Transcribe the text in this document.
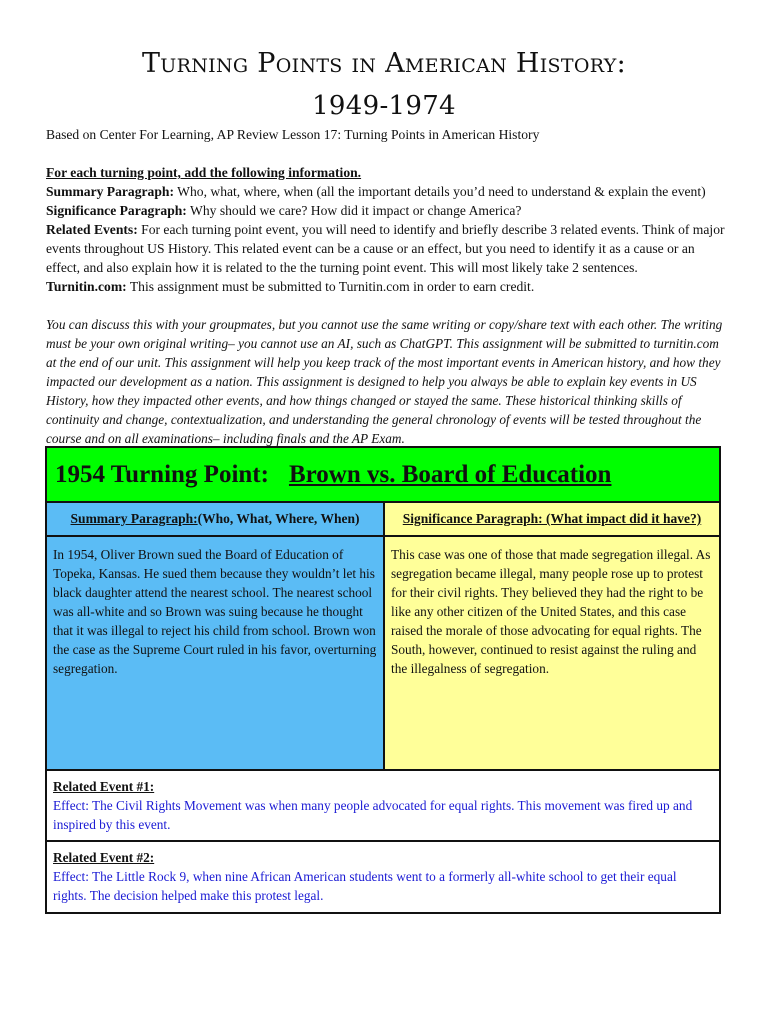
Turning Points in American History:
1949-1974
Based on Center For Learning, AP Review Lesson 17: Turning Points in American History
For each turning point, add the following information.
Summary Paragraph: Who, what, where, when (all the important details you’d need to understand & explain the event)
Significance Paragraph: Why should we care? How did it impact or change America?
Related Events: For each turning point event, you will need to identify and briefly describe 3 related events. Think of major events throughout US History. This related event can be a cause or an effect, but you need to identify it as a cause or an effect, and also explain how it is related to the the turning point event. This will most likely take 2 sentences.
Turnitin.com: This assignment must be submitted to Turnitin.com in order to earn credit.
You can discuss this with your groupmates, but you cannot use the same writing or copy/share text with each other. The writing must be your own original writing– you cannot use an AI, such as ChatGPT. This assignment will be submitted to turnitin.com at the end of our unit. This assignment will help you keep track of the most important events in American history, and how they impacted our development as a nation. This assignment is designed to help you always be able to explain key events in US History, how they impacted other events, and how things changed or stayed the same. These historical thinking skills of continuity and change, contextualization, and understanding the general chronology of events will be tested throughout the course and on all examinations– including finals and the AP Exam.
1954 Turning Point: Brown vs. Board of Education
Summary Paragraph: (Who, What, Where, When)
In 1954, Oliver Brown sued the Board of Education of Topeka, Kansas. He sued them because they wouldn’t let his black daughter attend the nearest school. The nearest school was all-white and so Brown was suing because he thought that it was illegal to reject his child from school. Brown won the case as the Supreme Court ruled in his favor, overturning segregation.
Significance Paragraph: (What impact did it have?)
This case was one of those that made segregation illegal. As segregation became illegal, many people rose up to protest for their civil rights. They believed they had the right to be like any other citizen of the United States, and this case raised the morale of those advocating for equal rights. The South, however, continued to resist against the ruling and the illegalness of segregation.
Related Event #1:
Effect: The Civil Rights Movement was when many people advocated for equal rights. This movement was fired up and inspired by this event.
Related Event #2:
Effect: The Little Rock 9, when nine African American students went to a formerly all-white school to get their equal rights. The decision helped make this protest legal.
